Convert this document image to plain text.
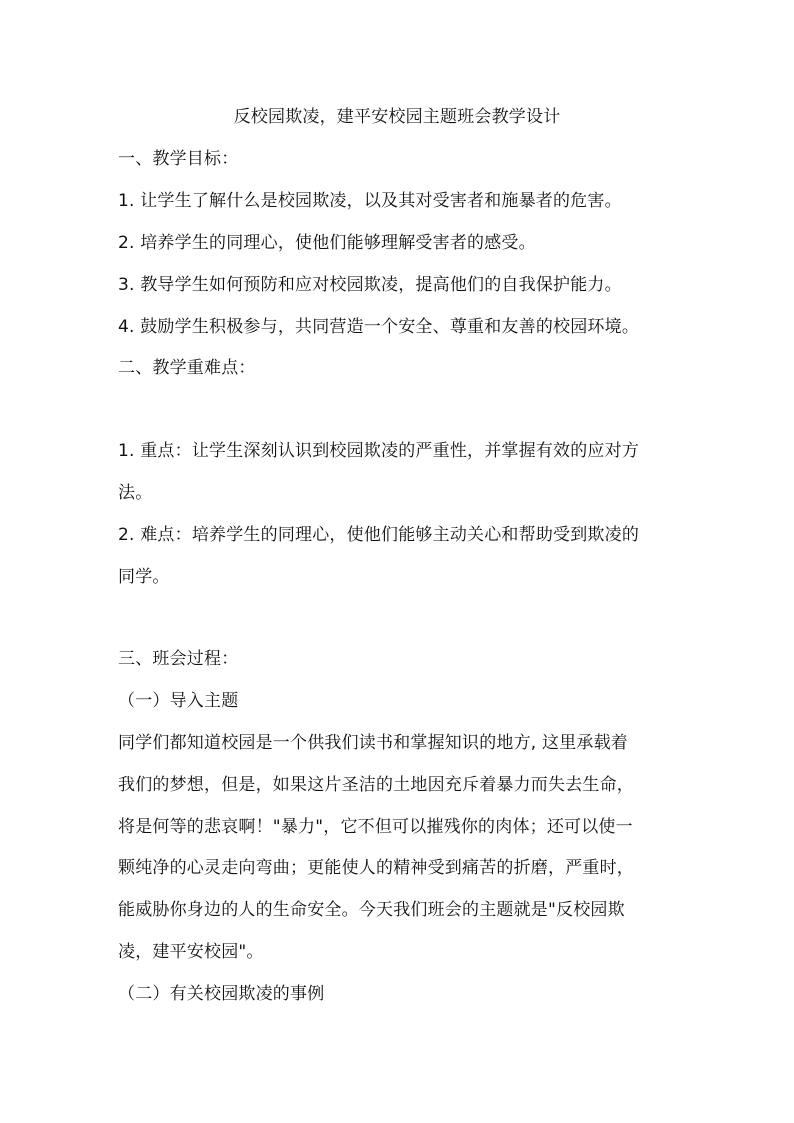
反校园欺凌，建平安校园主题班会教学设计
一、教学目标：
1. 让学生了解什么是校园欺凌，以及其对受害者和施暴者的危害。
2. 培养学生的同理心，使他们能够理解受害者的感受。
3. 教导学生如何预防和应对校园欺凌，提高他们的自我保护能力。
4. 鼓励学生积极参与，共同营造一个安全、尊重和友善的校园环境。
二、教学重难点：
1. 重点：让学生深刻认识到校园欺凌的严重性，并掌握有效的应对方
法。
2. 难点：培养学生的同理心，使他们能够主动关心和帮助受到欺凌的
同学。
三、班会过程：
（一）导入主题
同学们都知道校园是一个供我们读书和掌握知识的地方, 这里承载着
我们的梦想，但是，如果这片圣洁的土地因充斥着暴力而失去生命，
将是何等的悲哀啊！"暴力"，它不但可以摧残你的肉体；还可以使一
颗纯净的心灵走向弯曲；更能使人的精神受到痛苦的折磨，严重时，
能威胁你身边的人的生命安全。今天我们班会的主题就是"反校园欺
凌，建平安校园"。
（二）有关校园欺凌的事例
